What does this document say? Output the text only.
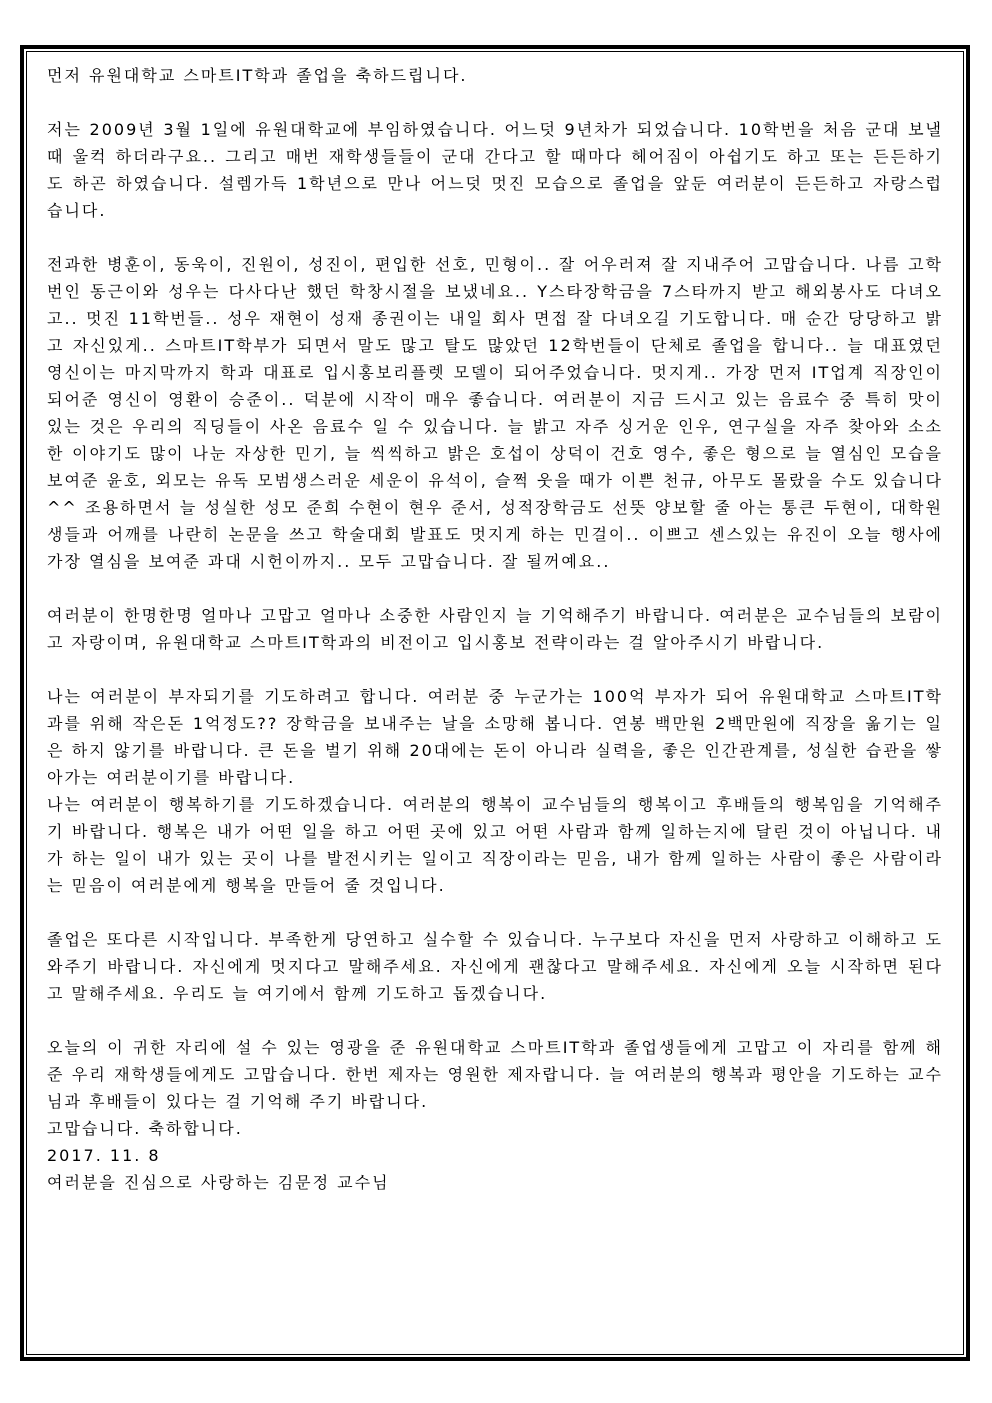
먼저 유원대학교 스마트IT학과 졸업을 축하드립니다.
저는 2009년 3월 1일에 유원대학교에 부임하였습니다. 어느덧 9년차가 되었습니다. 10학번을 처음 군대 보낼 때 울컥 하더라구요.. 그리고 매번 재학생들들이 군대 간다고 할 때마다 헤어짐이 아쉽기도 하고 또는 든든하기도 하곤 하였습니다. 설렘가득 1학년으로 만나 어느덧 멋진 모습으로 졸업을 앞둔 여러분이 든든하고 자랑스럽습니다.
전과한 병훈이, 동욱이, 진원이, 성진이, 편입한 선호, 민형이.. 잘 어우러져 잘 지내주어 고맙습니다. 나름 고학번인 동근이와 성우는 다사다난 했던 학창시절을 보냈네요.. Y스타장학금을 7스타까지 받고 해외봉사도 다녀오고.. 멋진 11학번들.. 성우 재현이 성재 종권이는 내일 회사 면접 잘 다녀오길 기도합니다. 매 순간 당당하고 밝고 자신있게.. 스마트IT학부가 되면서 말도 많고 탈도 많았던 12학번들이 단체로 졸업을 합니다.. 늘 대표였던 영신이는 마지막까지 학과 대표로 입시홍보리플렛 모델이 되어주었습니다. 멋지게.. 가장 먼저 IT업계 직장인이 되어준 영신이 영환이 승준이.. 덕분에 시작이 매우 좋습니다. 여러분이 지금 드시고 있는 음료수 중 특히 맛이 있는 것은 우리의 직딩들이 사온 음료수 일 수 있습니다. 늘 밝고 자주 싱거운 인우, 연구실을 자주 찾아와 소소한 이야기도 많이 나눈 자상한 민기, 늘 씩씩하고 밝은 호섭이 상덕이 건호 영수, 좋은 형으로 늘 열심인 모습을 보여준 윤호, 외모는 유독 모범생스러운 세운이 유석이, 슬쩍 웃을 때가 이쁜 천규, 아무도 몰랐을 수도 있습니다^^ 조용하면서 늘 성실한 성모 준희 수현이 현우 준서, 성적장학금도 선뜻 양보할 줄 아는 통큰 두현이, 대학원생들과 어깨를 나란히 논문을 쓰고 학술대회 발표도 멋지게 하는 민걸이.. 이쁘고 센스있는 유진이 오늘 행사에 가장 열심을 보여준 과대 시헌이까지.. 모두 고맙습니다. 잘 될꺼예요..
여러분이 한명한명 얼마나 고맙고 얼마나 소중한 사람인지 늘 기억해주기 바랍니다. 여러분은 교수님들의 보람이고 자랑이며, 유원대학교 스마트IT학과의 비전이고 입시홍보 전략이라는 걸 알아주시기 바랍니다.
나는 여러분이 부자되기를 기도하려고 합니다. 여러분 중 누군가는 100억 부자가 되어 유원대학교 스마트IT학과를 위해 작은돈 1억정도?? 장학금을 보내주는 날을 소망해 봅니다. 연봉 백만원 2백만원에 직장을 옮기는 일은 하지 않기를 바랍니다. 큰 돈을 벌기 위해 20대에는 돈이 아니라 실력을, 좋은 인간관계를, 성실한 습관을 쌓아가는 여러분이기를 바랍니다.
나는 여러분이 행복하기를 기도하겠습니다. 여러분의 행복이 교수님들의 행복이고 후배들의 행복임을 기억해주기 바랍니다. 행복은 내가 어떤 일을 하고 어떤 곳에 있고 어떤 사람과 함께 일하는지에 달린 것이 아닙니다. 내가 하는 일이 내가 있는 곳이 나를 발전시키는 일이고 직장이라는 믿음, 내가 함께 일하는 사람이 좋은 사람이라는 믿음이 여러분에게 행복을 만들어 줄 것입니다.
졸업은 또다른 시작입니다. 부족한게 당연하고 실수할 수 있습니다. 누구보다 자신을 먼저 사랑하고 이해하고 도와주기 바랍니다. 자신에게 멋지다고 말해주세요. 자신에게 괜찮다고 말해주세요. 자신에게 오늘 시작하면 된다고 말해주세요. 우리도 늘 여기에서 함께 기도하고 돕겠습니다.
오늘의 이 귀한 자리에 설 수 있는 영광을 준 유원대학교 스마트IT학과 졸업생들에게 고맙고 이 자리를 함께 해준 우리 재학생들에게도 고맙습니다. 한번 제자는 영원한 제자랍니다. 늘 여러분의 행복과 평안을 기도하는 교수님과 후배들이 있다는 걸 기억해 주기 바랍니다.
고맙습니다. 축하합니다.
2017. 11. 8
여러분을 진심으로 사랑하는 김문정 교수님
